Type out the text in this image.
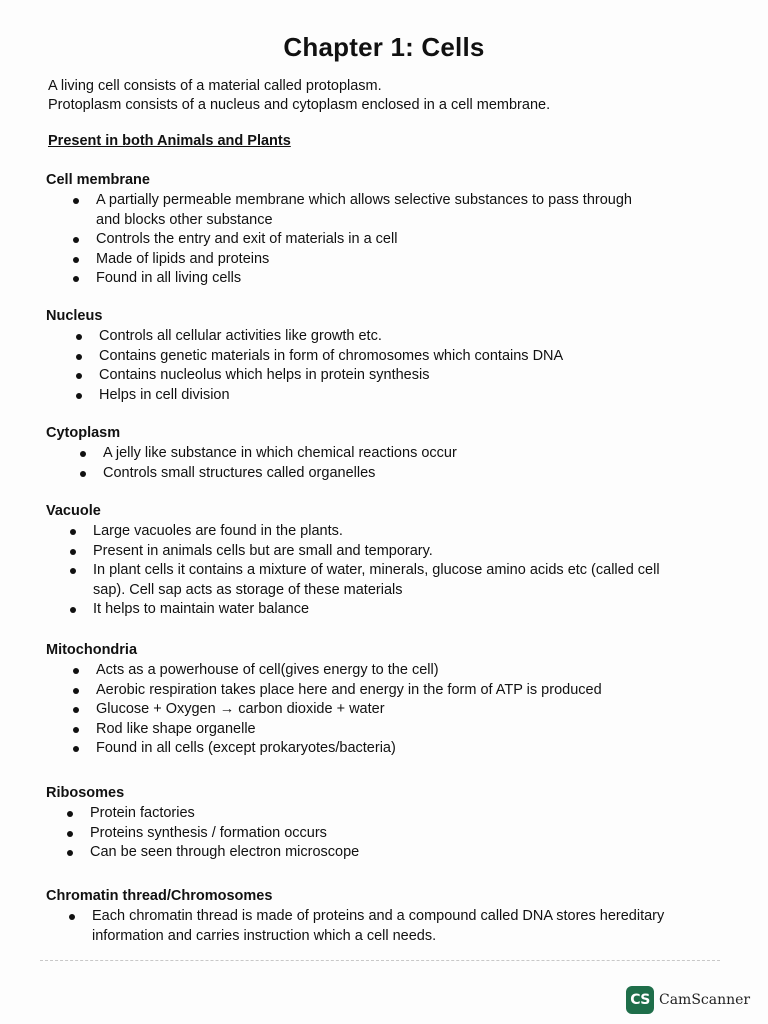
Chapter 1: Cells

A living cell consists of a material called protoplasm.

Protoplasm consists of a nucleus and cytoplasm enclosed in a cell membrane.

Present in both Animals and Plants
Cell membrane
A partially permeable membrane which allows selective substances to pass through and blocks other substance
Controls the entry and exit of materials in a cell
Made of lipids and proteins
Found in all living cells
Nucleus
Controls all cellular activities like growth etc.
Contains genetic materials in form of chromosomes which contains DNA
Contains nucleolus which helps in protein synthesis
Helps in cell division
Cytoplasm
A jelly like substance in which chemical reactions occur
Controls small structures called organelles
Vacuole
Large vacuoles are found in the plants.
Present in animals cells but are small and temporary.
In plant cells it contains a mixture of water, minerals, glucose amino acids etc (called cell sap). Cell sap acts as storage of these materials
It helps to maintain water balance
Mitochondria
Acts as a powerhouse of cell(gives energy to the cell)
Aerobic respiration takes place here and energy in the form of ATP is produced
Glucose + Oxygen → carbon dioxide + water
Rod like shape organelle
Found in all cells (except prokaryotes/bacteria)
Ribosomes
Protein factories
Proteins synthesis / formation occurs
Can be seen through electron microscope
Chromatin thread/Chromosomes
Each chromatin thread is made of proteins and a compound called DNA stores hereditary information and carries instruction which a cell needs.
CS CamScanner
